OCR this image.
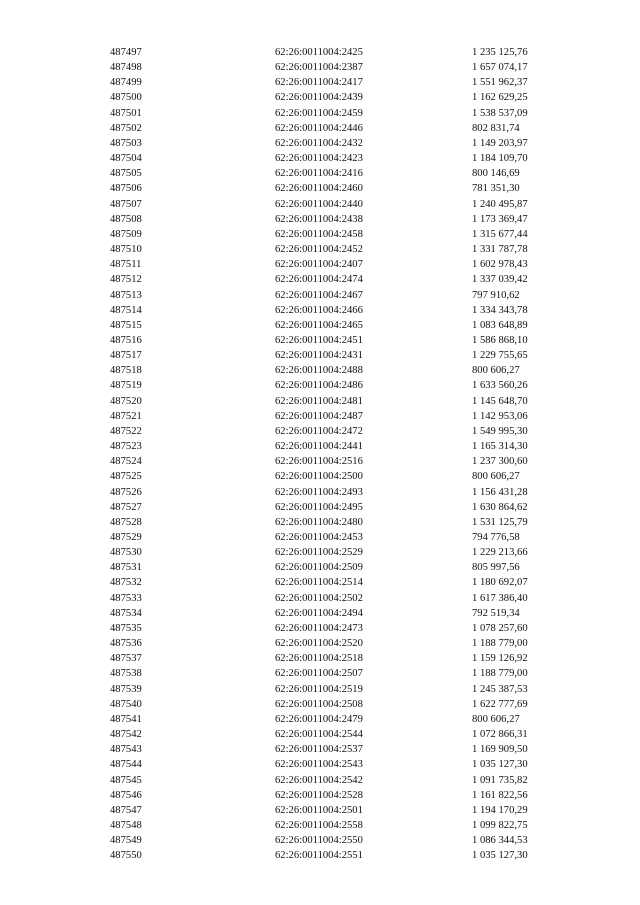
487497	62:26:0011004:2425	1 235 125,76
487498	62:26:0011004:2387	1 657 074,17
487499	62:26:0011004:2417	1 551 962,37
487500	62:26:0011004:2439	1 162 629,25
487501	62:26:0011004:2459	1 538 537,09
487502	62:26:0011004:2446	802 831,74
487503	62:26:0011004:2432	1 149 203,97
487504	62:26:0011004:2423	1 184 109,70
487505	62:26:0011004:2416	800 146,69
487506	62:26:0011004:2460	781 351,30
487507	62:26:0011004:2440	1 240 495,87
487508	62:26:0011004:2438	1 173 369,47
487509	62:26:0011004:2458	1 315 677,44
487510	62:26:0011004:2452	1 331 787,78
487511	62:26:0011004:2407	1 602 978,43
487512	62:26:0011004:2474	1 337 039,42
487513	62:26:0011004:2467	797 910,62
487514	62:26:0011004:2466	1 334 343,78
487515	62:26:0011004:2465	1 083 648,89
487516	62:26:0011004:2451	1 586 868,10
487517	62:26:0011004:2431	1 229 755,65
487518	62:26:0011004:2488	800 606,27
487519	62:26:0011004:2486	1 633 560,26
487520	62:26:0011004:2481	1 145 648,70
487521	62:26:0011004:2487	1 142 953,06
487522	62:26:0011004:2472	1 549 995,30
487523	62:26:0011004:2441	1 165 314,30
487524	62:26:0011004:2516	1 237 300,60
487525	62:26:0011004:2500	800 606,27
487526	62:26:0011004:2493	1 156 431,28
487527	62:26:0011004:2495	1 630 864,62
487528	62:26:0011004:2480	1 531 125,79
487529	62:26:0011004:2453	794 776,58
487530	62:26:0011004:2529	1 229 213,66
487531	62:26:0011004:2509	805 997,56
487532	62:26:0011004:2514	1 180 692,07
487533	62:26:0011004:2502	1 617 386,40
487534	62:26:0011004:2494	792 519,34
487535	62:26:0011004:2473	1 078 257,60
487536	62:26:0011004:2520	1 188 779,00
487537	62:26:0011004:2518	1 159 126,92
487538	62:26:0011004:2507	1 188 779,00
487539	62:26:0011004:2519	1 245 387,53
487540	62:26:0011004:2508	1 622 777,69
487541	62:26:0011004:2479	800 606,27
487542	62:26:0011004:2544	1 072 866,31
487543	62:26:0011004:2537	1 169 909,50
487544	62:26:0011004:2543	1 035 127,30
487545	62:26:0011004:2542	1 091 735,82
487546	62:26:0011004:2528	1 161 822,56
487547	62:26:0011004:2501	1 194 170,29
487548	62:26:0011004:2558	1 099 822,75
487549	62:26:0011004:2550	1 086 344,53
487550	62:26:0011004:2551	1 035 127,30
